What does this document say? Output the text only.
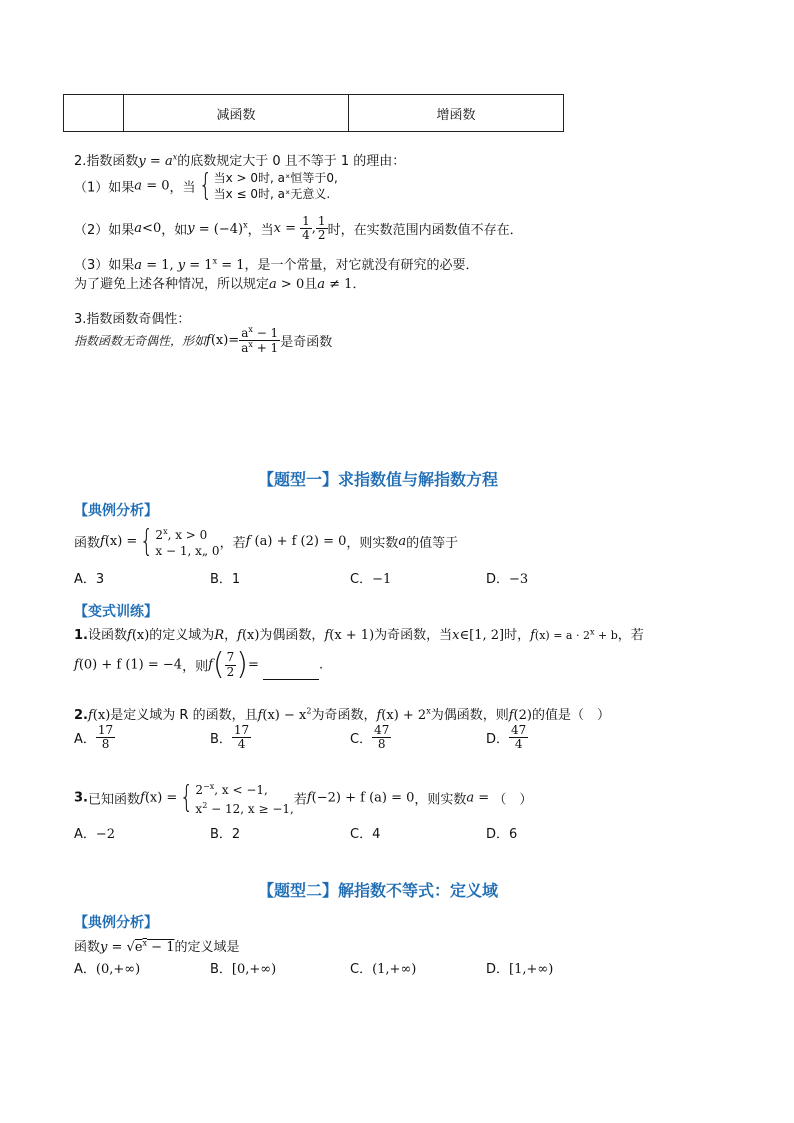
	减函数	增函数
2.指数函数$y = a^x$的底数规定大于 0 且不等于 1 的理由：
（1）如果a = 0，当{ 当x > 0时, aˣ恒等于0,
当x ≤ 0时, aˣ无意义.
（2）如果a<0，如$y = (-4)^x$，当$x = \frac{1}{4}$ , $\frac{1}{2}$ 时，在实数范围内函数值不存在．
（3）如果a = 1, $y = 1^x = 1$，是一个常量，对它就没有研究的必要．
为了避免上述各种情况，所以规定a > 0且a ≠ 1．
3.指数函数奇偶性：
指数函数无奇偶性，形如$f(x)= \frac{a^x - 1}{a^x + 1}$ 是奇函数
【题型一】求指数值与解指数方程
【典例分析】
函数f(x) ={ 2$^x$, x > 0
x − 1, x„ 0，若f (a) + f (2) = 0，则实数a的值等于
A．3	B．1	C．−1	D．−3
【变式训练】
1.设函数f(x)的定义域为R，f(x)为偶函数，f(x + 1)为奇函数，当x∈[1, 2]时，$f(x) = a \cdot 2^x + b$，若
f(0) + f (1) = −4，则$f( \frac{7}{2}$ )=	.
2.f(x)是定义域为 R 的函数，且$f(x) - x^2$为奇函数，$f(x) + 2^x$为偶函数，则f(2)的值是（　）
A． $\frac{17}{8}$	B． $\frac{17}{4}$	C． $\frac{47}{8}$	D． $\frac{47}{4}$
3.已知函数f(x) ={ $2^{-x}$, x < −1,
$x^2 - 12$, x ≥ −1,若f(−2) + f (a) = 0，则实数a = （　）
A．−2	B．2	C．4	D．6
【题型二】解指数不等式：定义域
【典例分析】
函数$y = √e^x - 1$的定义域是
A．(0,+∞)	B．[0,+∞)	C．(1,+∞)	D．[1,+∞)
